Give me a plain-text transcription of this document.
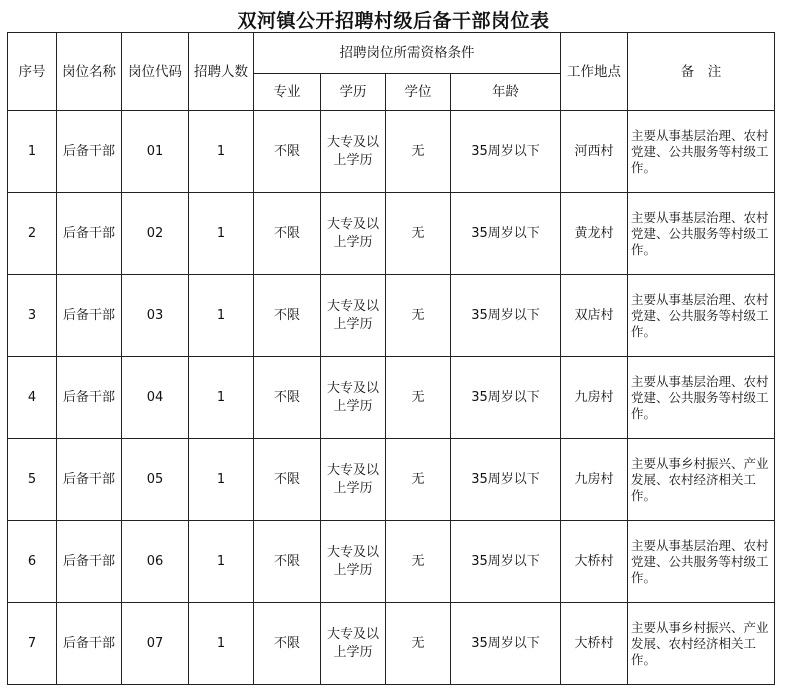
双河镇公开招聘村级后备干部岗位表
序号	岗位名称	岗位代码	招聘人数	招聘岗位所需资格条件				工作地点	备　注
				专业	学历	学位	年龄		
1	后备干部	01	1	不限	大专及以上学历	无	35周岁以下	河西村	主要从事基层治理、农村党建、公共服务等村级工作。
2	后备干部	02	1	不限	大专及以上学历	无	35周岁以下	黄龙村	主要从事基层治理、农村党建、公共服务等村级工作。
3	后备干部	03	1	不限	大专及以上学历	无	35周岁以下	双店村	主要从事基层治理、农村党建、公共服务等村级工作。
4	后备干部	04	1	不限	大专及以上学历	无	35周岁以下	九房村	主要从事基层治理、农村党建、公共服务等村级工作。
5	后备干部	05	1	不限	大专及以上学历	无	35周岁以下	九房村	主要从事乡村振兴、产业发展、农村经济相关工作。
6	后备干部	06	1	不限	大专及以上学历	无	35周岁以下	大桥村	主要从事基层治理、农村党建、公共服务等村级工作。
7	后备干部	07	1	不限	大专及以上学历	无	35周岁以下	大桥村	主要从事乡村振兴、产业发展、农村经济相关工作。
